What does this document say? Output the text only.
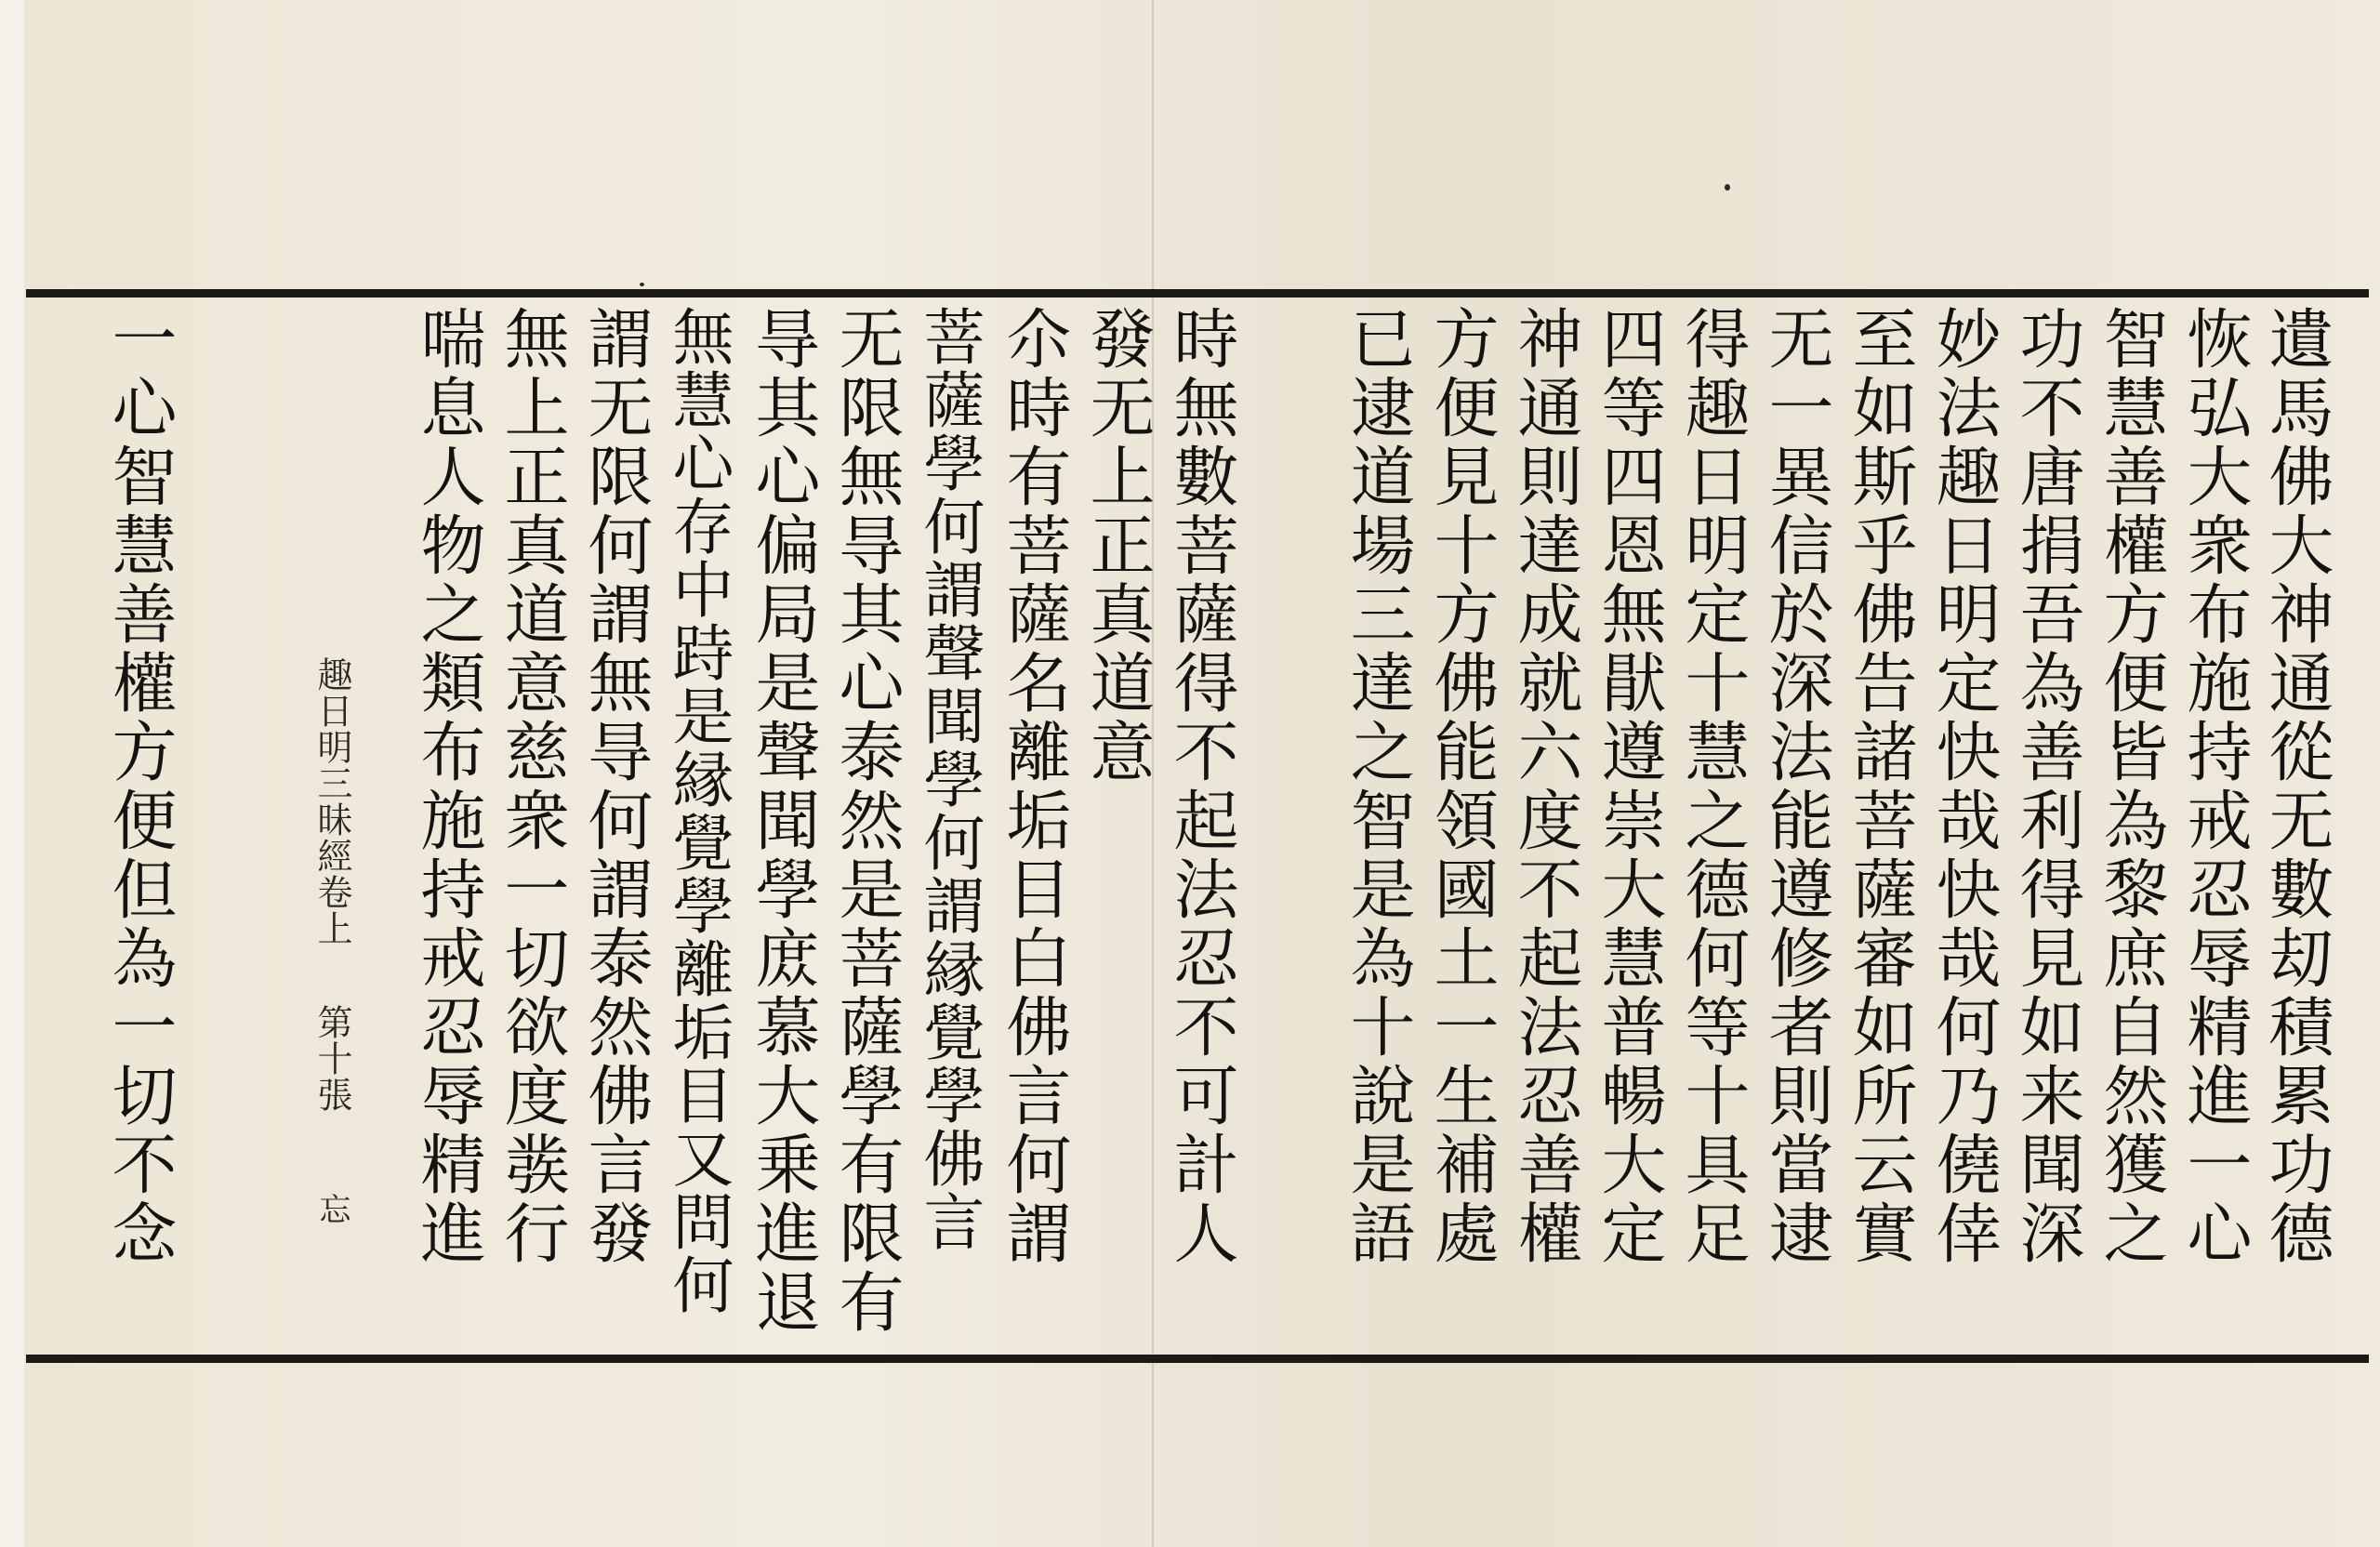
遺馬佛大神通從无數刧積累功德
恢弘大衆布施持戒忍辱精進一心
智慧善權方便皆為黎庶自然獲之
功不唐捐吾為善利得見如来聞深
妙法趣日明定快哉快哉何乃僥倖
至如斯乎佛告諸菩薩審如所云實
无一異信於深法能遵修者則當逮
得趣日明定十慧之德何等十具足
四等四恩無猒遵崇大慧普暢大定
神通則達成就六度不起法忍善權
方便見十方佛能領國土一生補處
已逮道場三達之智是為十說是語
時無數菩薩得不起法忍不可計人
發无上正真道意
尒時有菩薩名離垢目白佛言何謂
菩薩學何謂聲聞學何謂縁覺學佛言
无限無㝵其心泰然是菩薩學有限有
㝵其心偏局是聲聞學庻慕大乗進退
無慧心存中跱是縁覺學離垢目又問何
謂无限何謂無㝵何謂泰然佛言發
無上正真道意慈衆一切欲度彂行
喘息人物之類布施持戒忍辱精進
一心智慧善權方便但為一切不念	趣日明三昧經卷上 第十張 忘
